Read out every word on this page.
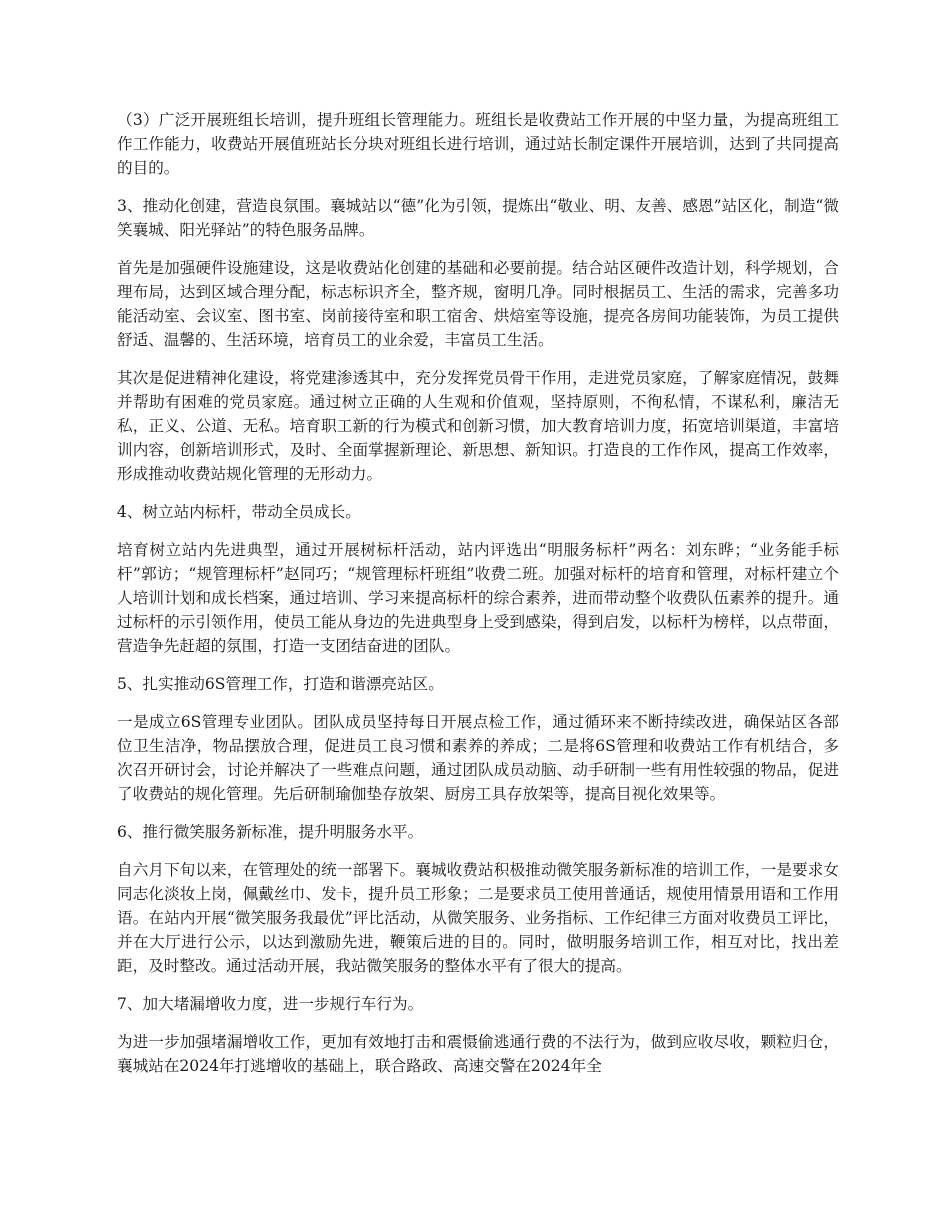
（3）广泛开展班组长培训，提升班组长管理能力。班组长是收费站工作开展的中坚力量，为提高班组工作工作能力，收费站开展值班站长分块对班组长进行培训，通过站长制定课件开展培训，达到了共同提高的目的。

3、推动化创建，营造良氛围。襄城站以“德”化为引领，提炼出“敬业、明、友善、感恩”站区化，制造“微笑襄城、阳光驿站”的特色服务品牌。

首先是加强硬件设施建设，这是收费站化创建的基础和必要前提。结合站区硬件改造计划，科学规划，合理布局，达到区域合理分配，标志标识齐全，整齐规，窗明几净。同时根据员工、生活的需求，完善多功能活动室、会议室、图书室、岗前接待室和职工宿舍、烘焙室等设施，提亮各房间功能装饰，为员工提供舒适、温馨的、生活环境，培育员工的业余爱，丰富员工生活。

其次是促进精神化建设，将党建渗透其中，充分发挥党员骨干作用，走进党员家庭，了解家庭情况，鼓舞并帮助有困难的党员家庭。通过树立正确的人生观和价值观，坚持原则，不徇私情，不谋私利，廉洁无私，正义、公道、无私。培育职工新的行为模式和创新习惯，加大教育培训力度，拓宽培训渠道，丰富培训内容，创新培训形式，及时、全面掌握新理论、新思想、新知识。打造良的工作作风，提高工作效率，形成推动收费站规化管理的无形动力。

4、树立站内标杆，带动全员成长。

培育树立站内先进典型，通过开展树标杆活动，站内评选出“明服务标杆”两名：刘东晔；“业务能手标杆”郭访；“规管理标杆”赵同巧；“规管理标杆班组”收费二班。加强对标杆的培育和管理，对标杆建立个人培训计划和成长档案，通过培训、学习来提高标杆的综合素养，进而带动整个收费队伍素养的提升。通过标杆的示引领作用，使员工能从身边的先进典型身上受到感染，得到启发，以标杆为榜样，以点带面，营造争先赶超的氛围，打造一支团结奋进的团队。

5、扎实推动6S管理工作，打造和谐漂亮站区。

一是成立6S管理专业团队。团队成员坚持每日开展点检工作，通过循环来不断持续改进，确保站区各部位卫生洁净，物品摆放合理，促进员工良习惯和素养的养成；二是将6S管理和收费站工作有机结合，多次召开研讨会，讨论并解决了一些难点问题，通过团队成员动脑、动手研制一些有用性较强的物品，促进了收费站的规化管理。先后研制瑜伽垫存放架、厨房工具存放架等，提高目视化效果等。

6、推行微笑服务新标准，提升明服务水平。

自六月下旬以来，在管理处的统一部署下。襄城收费站积极推动微笑服务新标准的培训工作，一是要求女同志化淡妆上岗，佩戴丝巾、发卡，提升员工形象；二是要求员工使用普通话，规使用情景用语和工作用语。在站内开展“微笑服务我最优”评比活动，从微笑服务、业务指标、工作纪律三方面对收费员工评比，并在大厅进行公示，以达到激励先进，鞭策后进的目的。同时，做明服务培训工作，相互对比，找出差距，及时整改。通过活动开展，我站微笑服务的整体水平有了很大的提高。

7、加大堵漏增收力度，进一步规行车行为。

为进一步加强堵漏增收工作，更加有效地打击和震慑偷逃通行费的不法行为，做到应收尽收，颗粒归仓，襄城站在2024年打逃增收的基础上，联合路政、高速交警在2024年全
